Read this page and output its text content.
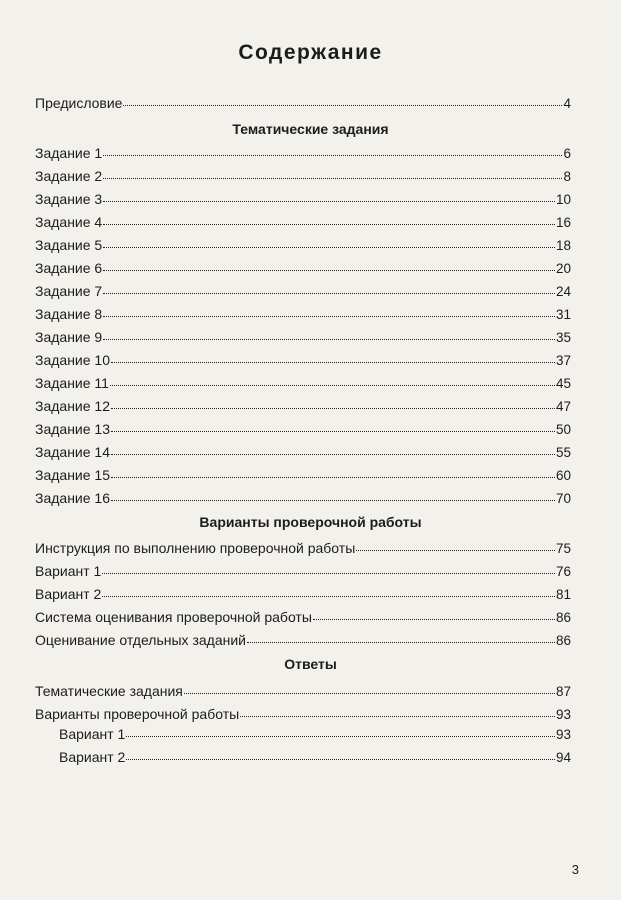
Содержание
Предисловие	4
Тематические задания
Задание 1	6
Задание 2	8
Задание 3	10
Задание 4	16
Задание 5	18
Задание 6	20
Задание 7	24
Задание 8	31
Задание 9	35
Задание 10	37
Задание 11	45
Задание 12	47
Задание 13	50
Задание 14	55
Задание 15	60
Задание 16	70
Варианты проверочной работы
Инструкция по выполнению проверочной работы	75
Вариант 1	76
Вариант 2	81
Система оценивания проверочной работы	86
Оценивание отдельных заданий	86
Ответы
Тематические задания	87
Варианты проверочной работы	93
Вариант 1	93
Вариант 2	94
3
